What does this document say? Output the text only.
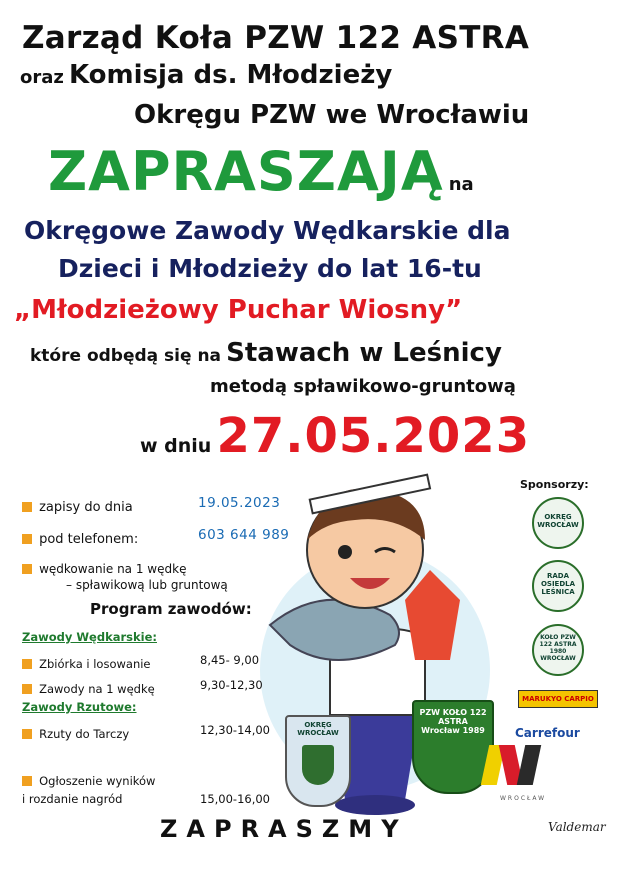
Zarząd Koła PZW 122 ASTRA
oraz Komisja ds. Młodzieży
Okręgu PZW we Wrocławiu
ZAPRASZAJĄ na
Okręgowe Zawody Wędkarskie dla
Dzieci i Młodzieży do lat 16-tu
„Młodzieżowy Puchar Wiosny”
które odbędą się na Stawach w Leśnicy
metodą spławikowo-gruntową
w dniu 27.05.2023
zapisy do dnia	19.05.2023
pod telefonem:	603 644 989
wędkowanie na 1 wędkę
– spławikową lub gruntową
Program zawodów:
Zawody Wędkarskie:
Zbiórka i losowanie	8,45- 9,00
Zawody na 1 wędkę	9,30-12,30
Zawody Rzutowe:
Rzuty do Tarczy	12,30-14,00
Ogłoszenie wyników
i rozdanie nagród	15,00-16,00
OKRĘG WROCŁAW
PZW KOŁO 122 ASTRA Wrocław 1989
Sponsorzy:
OKRĘG WROCŁAW
RADA OSIEDLA LEŚNICA
KOŁO PZW 122 ASTRA 1980 WROCŁAW
MARUKYO CARPIO
Carrefour
WROCŁAW
ZAPRASZMY	Valdemar
